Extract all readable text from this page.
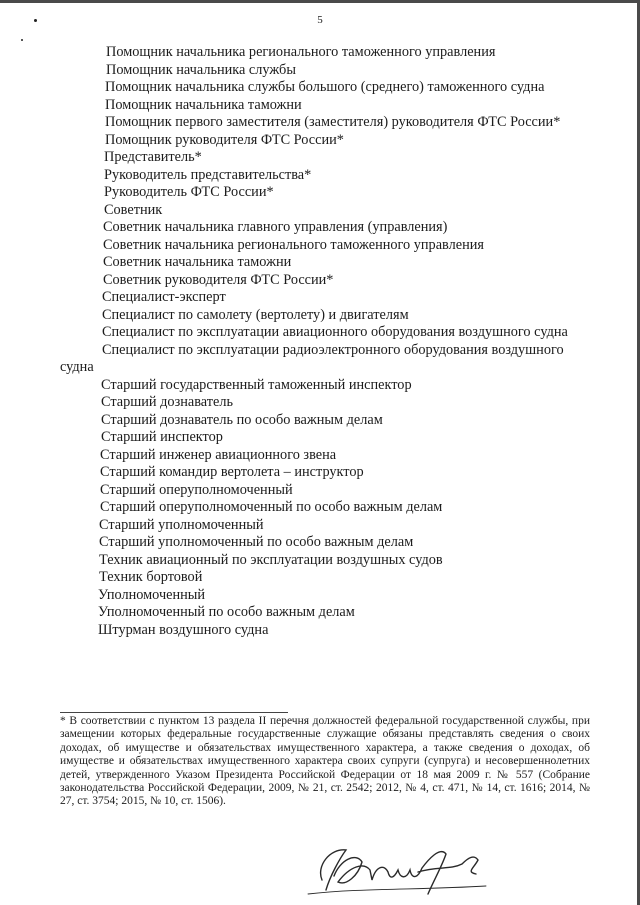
5
Помощник начальника регионального таможенного управления
Помощник начальника службы
Помощник начальника службы большого (среднего) таможенного судна
Помощник начальника таможни
Помощник первого заместителя (заместителя) руководителя ФТС России*
Помощник руководителя ФТС России*
Представитель*
Руководитель представительства*
Руководитель ФТС России*
Советник
Советник начальника главного управления (управления)
Советник начальника регионального таможенного управления
Советник начальника таможни
Советник руководителя ФТС России*
Специалист-эксперт
Специалист по самолету (вертолету) и двигателям
Специалист по эксплуатации авиационного оборудования воздушного судна
Специалист по эксплуатации радиоэлектронного оборудования воздушного судна
Старший государственный таможенный инспектор
Старший дознаватель
Старший дознаватель по особо важным делам
Старший инспектор
Старший инженер авиационного звена
Старший командир вертолета – инструктор
Старший оперуполномоченный
Старший оперуполномоченный по особо важным делам
Старший уполномоченный
Старший уполномоченный по особо важным делам
Техник авиационный по эксплуатации воздушных судов
Техник бортовой
Уполномоченный
Уполномоченный по особо важным делам
Штурман воздушного судна
* В соответствии с пунктом 13 раздела II перечня должностей федеральной государственной службы, при замещении которых федеральные государственные служащие обязаны представлять сведения о своих доходах, об имуществе и обязательствах имущественного характера, а также сведения о доходах, об имуществе и обязательствах имущественного характера своих супруги (супруга) и несовершеннолетних детей, утвержденного Указом Президента Российской Федерации от 18 мая 2009 г. № 557 (Собрание законодательства Российской Федерации, 2009, № 21, ст. 2542; 2012, № 4, ст. 471, № 14, ст. 1616; 2014, № 27, ст. 3754; 2015, № 10, ст. 1506).
